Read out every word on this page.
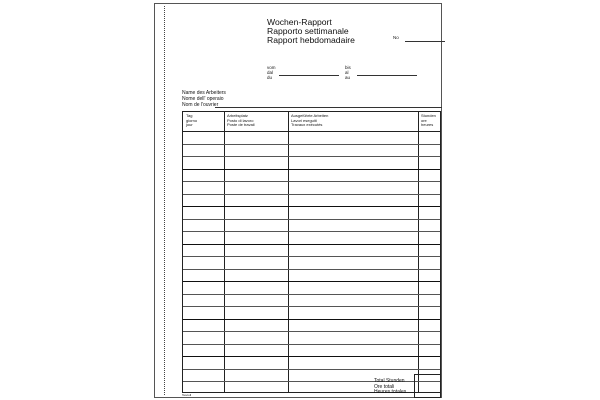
Wochen-Rapport
Rapporto settimanale
Rapport hebdomadaire	No
vom
dal
du
bis
al
au
Name des Arbeiters
Nome dell' operaio
Nom de l'ouvrier
Tag
giorno
jour
Arbeitsplatz
Posto di lavoro
Poste de travail
Ausgeführte Arbeiten
Lavori eseguiti
Travaux exécutés
Stunden
ore
heures
Total Stunden
Ore totali
Heures totales
Tescoll
